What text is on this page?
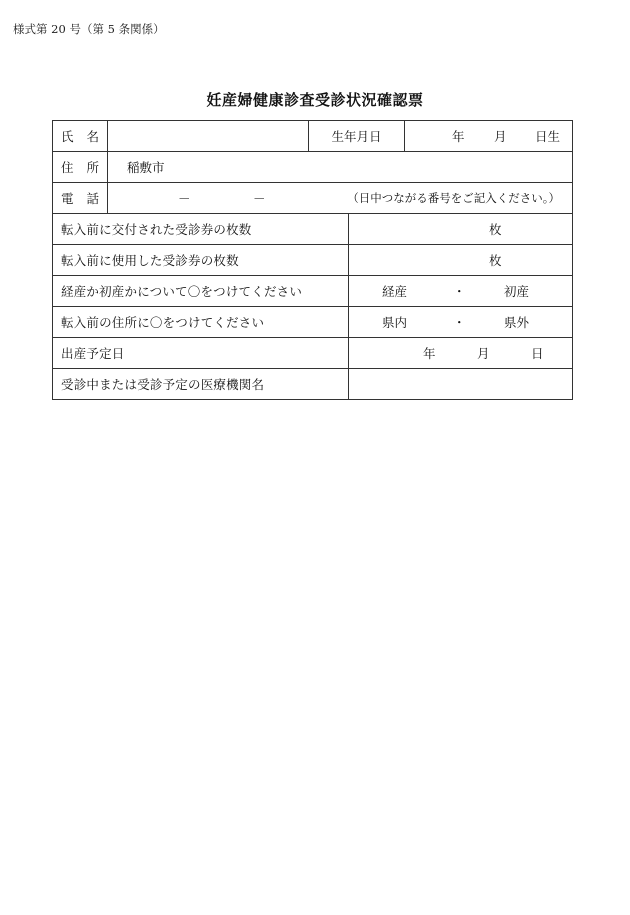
様式第 20 号（第 5 条関係）
妊産婦健康診査受診状況確認票
氏 名		生年月日		年 月 日生

住 所	稲敷市			

電 話	－ － （日中つながる番号をご記入ください。）			

転入前に交付された受診券の枚数			枚	

転入前に使用した受診券の枚数			枚	

経産か初産かについて〇をつけてください			経産 ・ 初産	

転入前の住所に〇をつけてください			県内 ・ 県外	

出産予定日			年 月 日	

受診中または受診予定の医療機関名				
